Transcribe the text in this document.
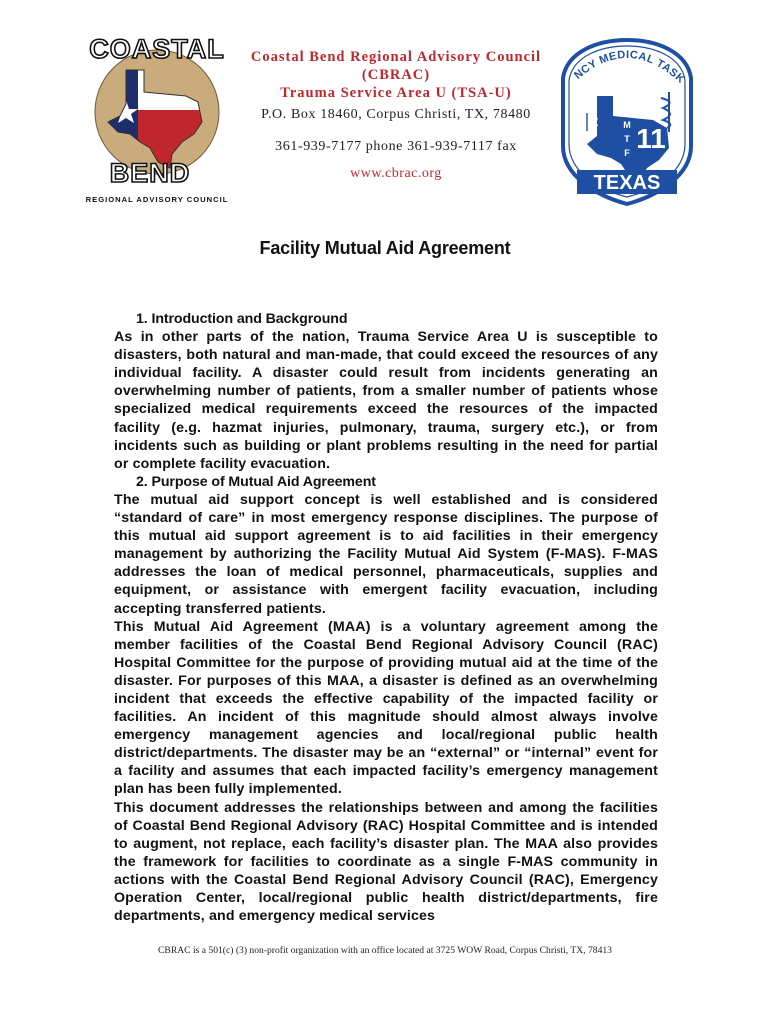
COASTAL
BEND
REGIONAL ADVISORY COUNCIL
Coastal Bend Regional Advisory Council
(CBRAC)
Trauma Service Area U (TSA-U)
P.O. Box 18460, Corpus Christi, TX, 78480
361-939-7177 phone 361-939-7117 fax
www.cbrac.org
NCY MEDICAL TASK
E
M
T
F 11
TEXAS
Facility Mutual Aid Agreement

1. Introduction and Background

As in other parts of the nation, Trauma Service Area U is susceptible to disasters, both natural and man-made, that could exceed the resources of any individual facility. A disaster could result from incidents generating an overwhelming number of patients, from a smaller number of patients whose specialized medical requirements exceed the resources of the impacted facility (e.g. hazmat injuries, pulmonary, trauma, surgery etc.), or from incidents such as building or plant problems resulting in the need for partial or complete facility evacuation.

2. Purpose of Mutual Aid Agreement

The mutual aid support concept is well established and is considered “standard of care” in most emergency response disciplines. The purpose of this mutual aid support agreement is to aid facilities in their emergency management by authorizing the Facility Mutual Aid System (F-MAS). F-MAS addresses the loan of medical personnel, pharmaceuticals, supplies and equipment, or assistance with emergent facility evacuation, including accepting transferred patients.

This Mutual Aid Agreement (MAA) is a voluntary agreement among the member facilities of the Coastal Bend Regional Advisory Council (RAC) Hospital Committee for the purpose of providing mutual aid at the time of the disaster. For purposes of this MAA, a disaster is defined as an overwhelming incident that exceeds the effective capability of the impacted facility or facilities. An incident of this magnitude should almost always involve emergency management agencies and local/regional public health district/departments. The disaster may be an “external” or “internal” event for a facility and assumes that each impacted facility’s emergency management plan has been fully implemented.

This document addresses the relationships between and among the facilities of Coastal Bend Regional Advisory (RAC) Hospital Committee and is intended to augment, not replace, each facility’s disaster plan. The MAA also provides the framework for facilities to coordinate as a single F-MAS community in actions with the Coastal Bend Regional Advisory Council (RAC), Emergency Operation Center, local/regional public health district/departments, fire departments, and emergency medical services

CBRAC is a 501(c) (3) non-profit organization with an office located at 3725 WOW Road, Corpus Christi, TX, 78413
